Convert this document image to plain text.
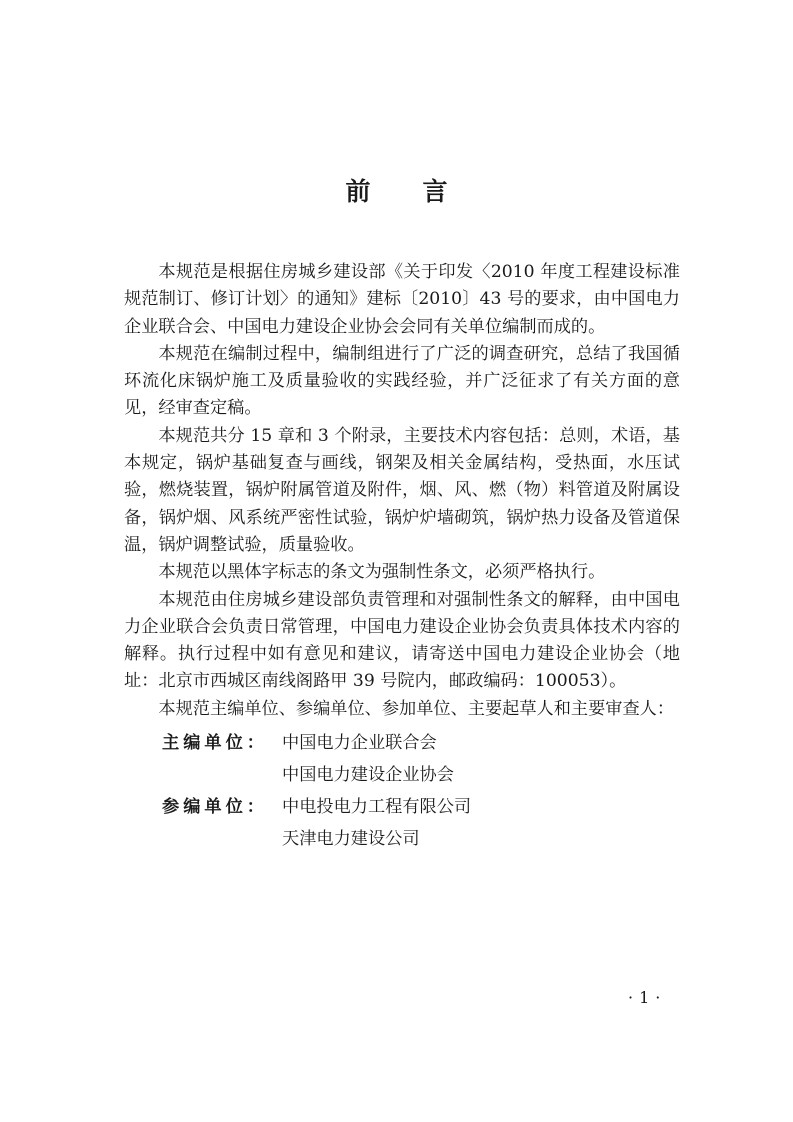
前言

本规范是根据住房城乡建设部《关于印发〈2010 年度工程建设标准规范制订、修订计划〉的通知》建标〔2010〕43 号的要求，由中国电力企业联合会、中国电力建设企业协会会同有关单位编制而成的。

本规范在编制过程中，编制组进行了广泛的调查研究，总结了我国循环流化床锅炉施工及质量验收的实践经验，并广泛征求了有关方面的意见，经审查定稿。

本规范共分 15 章和 3 个附录，主要技术内容包括：总则，术语，基本规定，锅炉基础复查与画线，钢架及相关金属结构，受热面，水压试验，燃烧装置，锅炉附属管道及附件，烟、风、燃（物）料管道及附属设备，锅炉烟、风系统严密性试验，锅炉炉墙砌筑，锅炉热力设备及管道保温，锅炉调整试验，质量验收。

本规范以黑体字标志的条文为强制性条文，必须严格执行。

本规范由住房城乡建设部负责管理和对强制性条文的解释，由中国电力企业联合会负责日常管理，中国电力建设企业协会负责具体技术内容的解释。执行过程中如有意见和建议，请寄送中国电力建设企业协会（地址：北京市西城区南线阁路甲 39 号院内，邮政编码：100053）。

本规范主编单位、参编单位、参加单位、主要起草人和主要审查人：

主编单位： 中国电力企业联合会
中国电力建设企业协会
参编单位： 中电投电力工程有限公司
天津电力建设公司
·1·
